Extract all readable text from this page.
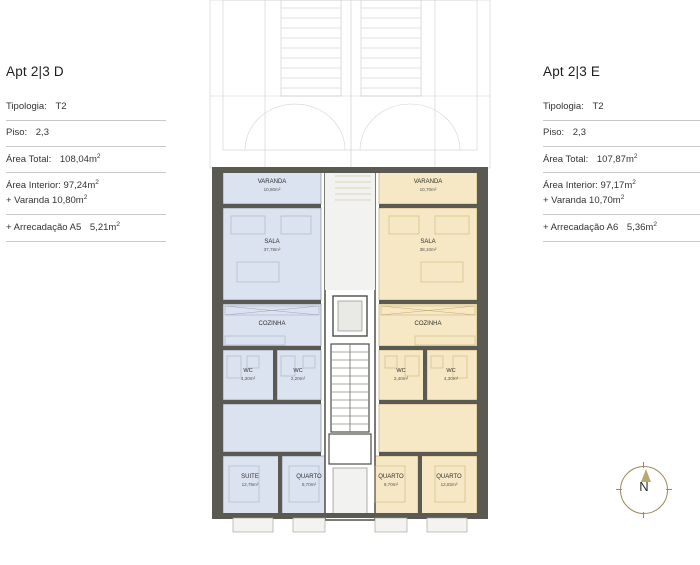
Apt 2|3 D
Tipologia: T2
Piso: 2,3
Área Total: $108,04m^2$
Área Interior: $97,24m^2$
+ Varanda $10,80m^2$
+ Arrecadação A5 $5,21m^2$
Apt 2|3 E
Tipologia: T2
Piso: 2,3
Área Total: $107,87m^2$
Área Interior: $97,17m^2$
+ Varanda $10,70m^2$
+ Arrecadação A6 $5,36m^2$
VARANDA
10,80m²
SALA
37,78m²
COZINHA
WC
4,30m²
WC
2,20m²
SUITE
12,75m²
QUARTO
9,70m²
VARANDA
10,70m²
SALA
38,10m²
COZINHA
WC
2,40m²
WC
4,30m²
QUARTO
9,70m²
QUARTO
12,82m²	N
